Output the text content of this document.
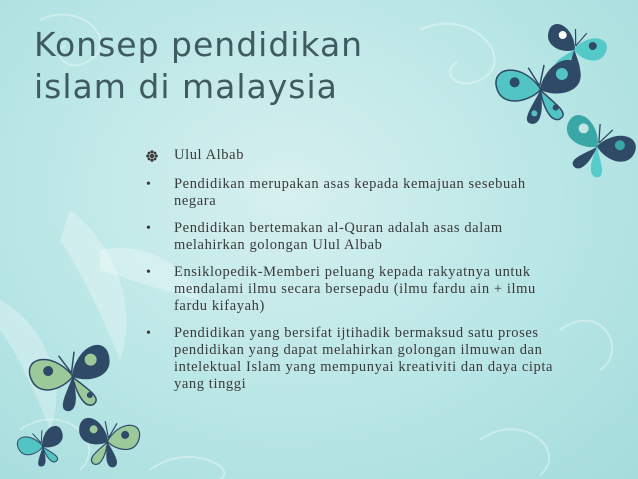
Konsep pendidikan
islam di malaysia
Ulul Albab
• Pendidikan merupakan asas kepada kemajuan sesebuah negara
• Pendidikan bertemakan al-Quran adalah asas dalam melahirkan golongan Ulul Albab
• Ensiklopedik-Memberi peluang kepada rakyatnya untuk mendalami ilmu secara bersepadu (ilmu fardu ain + ilmu fardu kifayah)
• Pendidikan yang bersifat ijtihadik bermaksud satu proses pendidikan yang dapat melahirkan golongan ilmuwan dan intelektual Islam yang mempunyai kreativiti dan daya cipta yang tinggi
